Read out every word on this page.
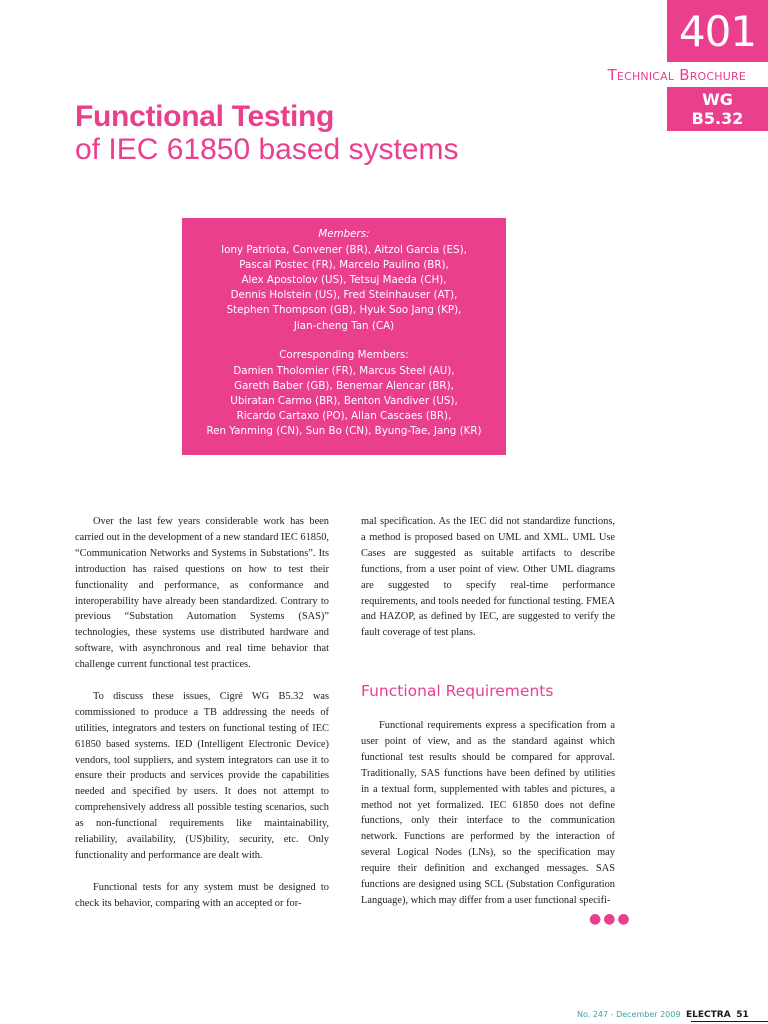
401
Technical Brochure
WG
B5.32
Functional Testing
of IEC 61850 based systems

Members:

Iony Patriota, Convener (BR), Aitzol Garcia (ES),

Pascal Postec (FR), Marcelo Paulino (BR),

Alex Apostolov (US), Tetsuj Maeda (CH),

Dennis Holstein (US), Fred Steinhauser (AT),

Stephen Thompson (GB), Hyuk Soo Jang (KP),

Jian-cheng Tan (CA)

Corresponding Members:

Damien Tholomier (FR), Marcus Steel (AU),

Gareth Baber (GB), Benemar Alencar (BR),

Ubiratan Carmo (BR), Benton Vandiver (US),

Ricardo Cartaxo (PO), Allan Cascaes (BR),

Ren Yanming (CN), Sun Bo (CN), Byung-Tae, Jang (KR)

Over the last few years considerable work has been carried out in the development of a new standard IEC 61850, “Communication Networks and Systems in Substations”. Its introduction has raised questions on how to test their functionality and performance, as conformance and interoperability have already been standardized. Contrary to previous “Substation Automation Systems (SAS)” technologies, these systems use distributed hardware and software, with asynchronous and real time behavior that challenge current functional test practices.

To discuss these issues, Cigré WG B5.32 was commissioned to produce a TB addressing the needs of utilities, integrators and testers on functional testing of IEC 61850 based systems. IED (Intelligent Electronic Device) vendors, tool suppliers, and system integrators can use it to ensure their products and services provide the capabilities needed and specified by users. It does not attempt to comprehensively address all possible testing scenarios, such as non-functional requirements like maintainability, reliability, availability, (US)bility, security, etc. Only functionality and performance are dealt with.

Functional tests for any system must be designed to check its behavior, comparing with an accepted or for-

mal specification. As the IEC did not standardize functions, a method is proposed based on UML and XML. UML Use Cases are suggested as suitable artifacts to describe functions, from a user point of view. Other UML diagrams are suggested to specify real-time performance requirements, and tools needed for functional testing. FMEA and HAZOP, as defined by IEC, are suggested to verify the fault coverage of test plans.

Functional Requirements

Functional requirements express a specification from a user point of view, and as the standard against which functional test results should be compared for approval. Traditionally, SAS functions have been defined by utilities in a textual form, supplemented with tables and pictures, a method not yet formalized. IEC 61850 does not define functions, only their interface to the communication network. Functions are performed by the interaction of several Logical Nodes (LNs), so the specification may require their definition and exchanged messages. SAS functions are designed using SCL (Substation Configuration Language), which may differ from a user functional specifi-

●●●
No. 247 - December 2009 ELECTRA 51
